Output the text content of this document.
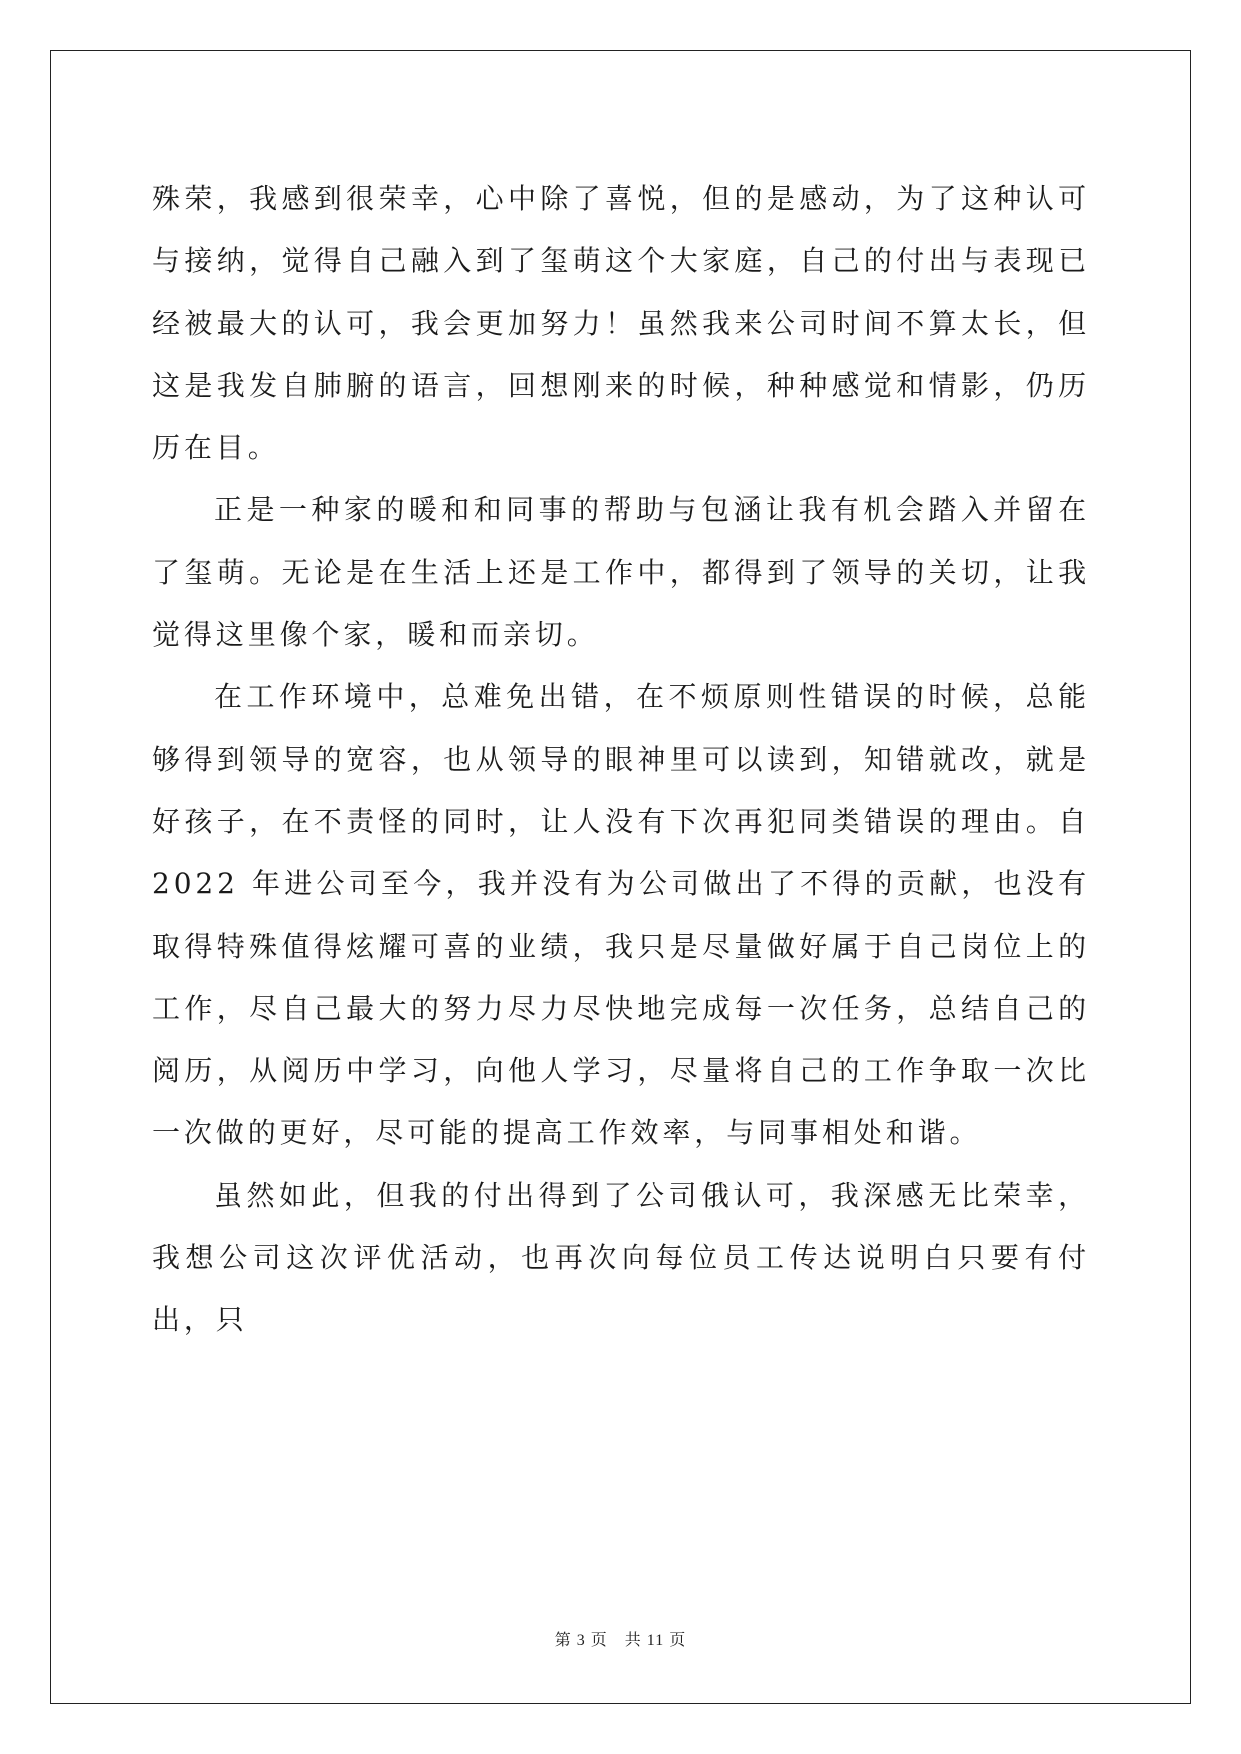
殊荣，我感到很荣幸，心中除了喜悦，但的是感动，为了这种认可与接纳，觉得自己融入到了玺萌这个大家庭，自己的付出与表现已经被最大的认可，我会更加努力！虽然我来公司时间不算太长，但这是我发自肺腑的语言，回想刚来的时候，种种感觉和情影，仍历历在目。

正是一种家的暖和和同事的帮助与包涵让我有机会踏入并留在了玺萌。无论是在生活上还是工作中，都得到了领导的关切，让我觉得这里像个家，暖和而亲切。

在工作环境中，总难免出错，在不烦原则性错误的时候，总能够得到领导的宽容，也从领导的眼神里可以读到，知错就改，就是好孩子，在不责怪的同时，让人没有下次再犯同类错误的理由。自 2022 年进公司至今，我并没有为公司做出了不得的贡献，也没有取得特殊值得炫耀可喜的业绩，我只是尽量做好属于自己岗位上的工作，尽自己最大的努力尽力尽快地完成每一次任务，总结自己的阅历，从阅历中学习，向他人学习，尽量将自己的工作争取一次比一次做的更好，尽可能的提高工作效率，与同事相处和谐。

虽然如此，但我的付出得到了公司俄认可，我深感无比荣幸，我想公司这次评优活动，也再次向每位员工传达说明白只要有付出，只

第 3 页　共 11 页
